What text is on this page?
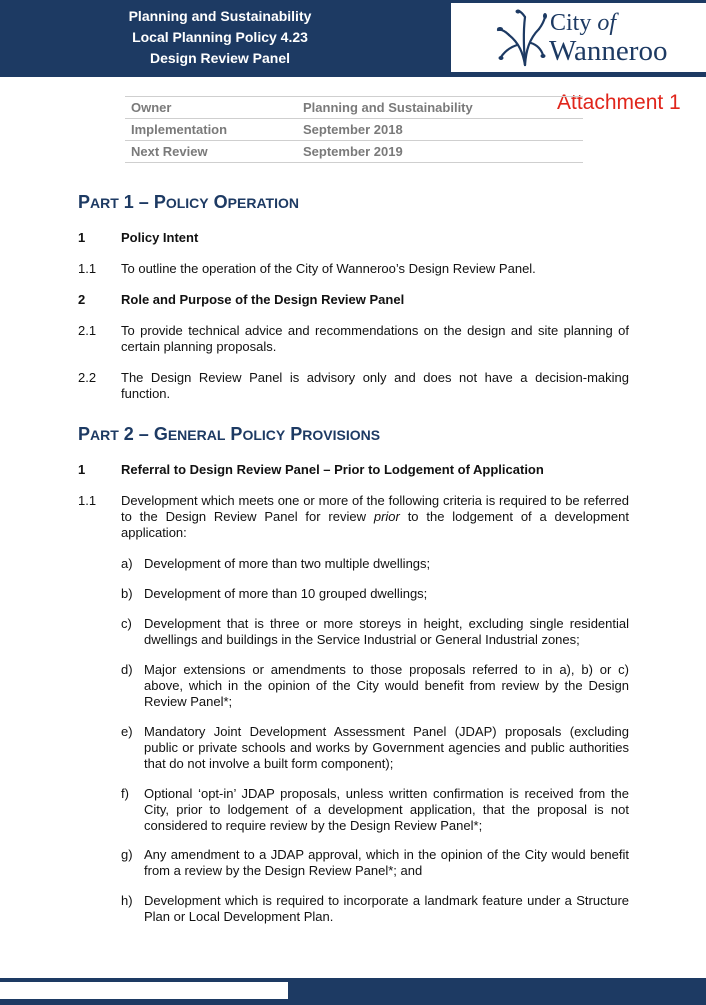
Planning and Sustainability
Local Planning Policy 4.23
Design Review Panel
City of
Wanneroo
Attachment 1
Owner	Planning and Sustainability
Implementation	September 2018
Next Review	September 2019
PART 1 – POLICY OPERATION
1	Policy Intent
1.1 To outline the operation of the City of Wanneroo’s Design Review Panel.
2	Role and Purpose of the Design Review Panel
2.1 To provide technical advice and recommendations on the design and site planning of certain planning proposals.
2.2 The Design Review Panel is advisory only and does not have a decision-making function.
PART 2 – GENERAL POLICY PROVISIONS
1	Referral to Design Review Panel – Prior to Lodgement of Application
1.1 Development which meets one or more of the following criteria is required to be referred to the Design Review Panel for review prior to the lodgement of a development application:
a) Development of more than two multiple dwellings;
b) Development of more than 10 grouped dwellings;
c) Development that is three or more storeys in height, excluding single residential dwellings and buildings in the Service Industrial or General Industrial zones;
d) Major extensions or amendments to those proposals referred to in a), b) or c) above, which in the opinion of the City would benefit from review by the Design Review Panel*;
e) Mandatory Joint Development Assessment Panel (JDAP) proposals (excluding public or private schools and works by Government agencies and public authorities that do not involve a built form component);
f) Optional ‘opt-in’ JDAP proposals, unless written confirmation is received from the City, prior to lodgement of a development application, that the proposal is not considered to require review by the Design Review Panel*;
g) Any amendment to a JDAP approval, which in the opinion of the City would benefit from a review by the Design Review Panel*; and
h) Development which is required to incorporate a landmark feature under a Structure Plan or Local Development Plan.
